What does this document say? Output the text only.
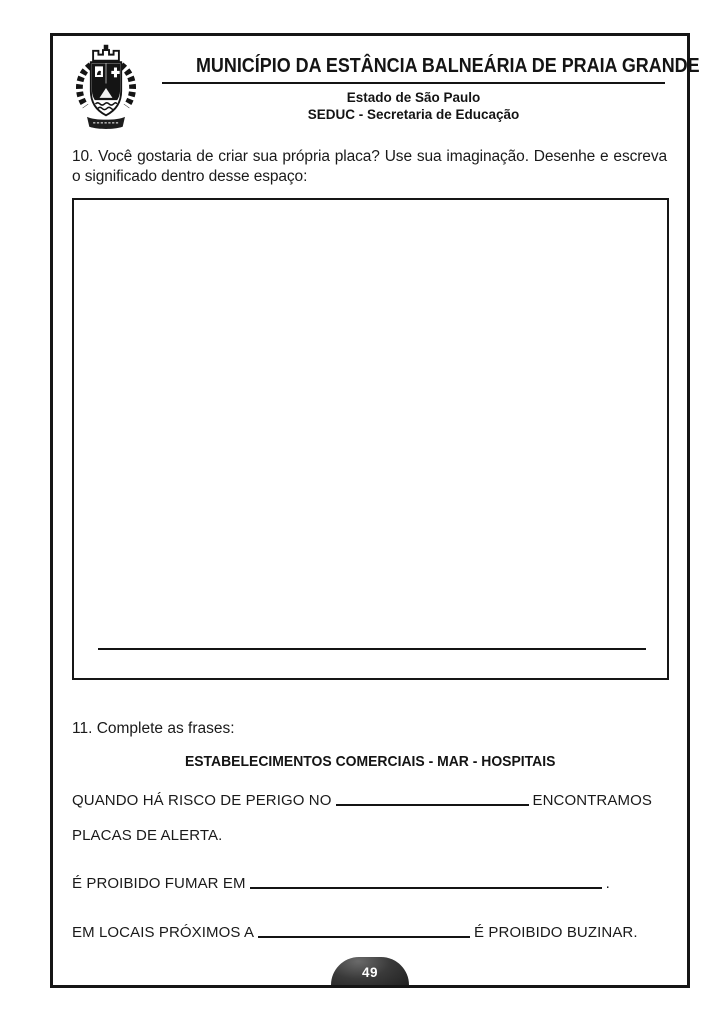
MUNICÍPIO DA ESTÂNCIA BALNEÁRIA DE PRAIA GRANDE
Estado de São Paulo
SEDUC - Secretaria de Educação

10. Você gostaria de criar sua própria placa? Use sua imaginação. Desenhe e escreva o significado dentro desse espaço:

11. Complete as frases:

ESTABELECIMENTOS COMERCIAIS - MAR - HOSPITAIS
QUANDO HÁ RISCO DE PERIGO NO	ENCONTRAMOS PLACAS DE ALERTA.
É PROIBIDO FUMAR EM	.
EM LOCAIS PRÓXIMOS A	É PROIBIDO BUZINAR.
49
